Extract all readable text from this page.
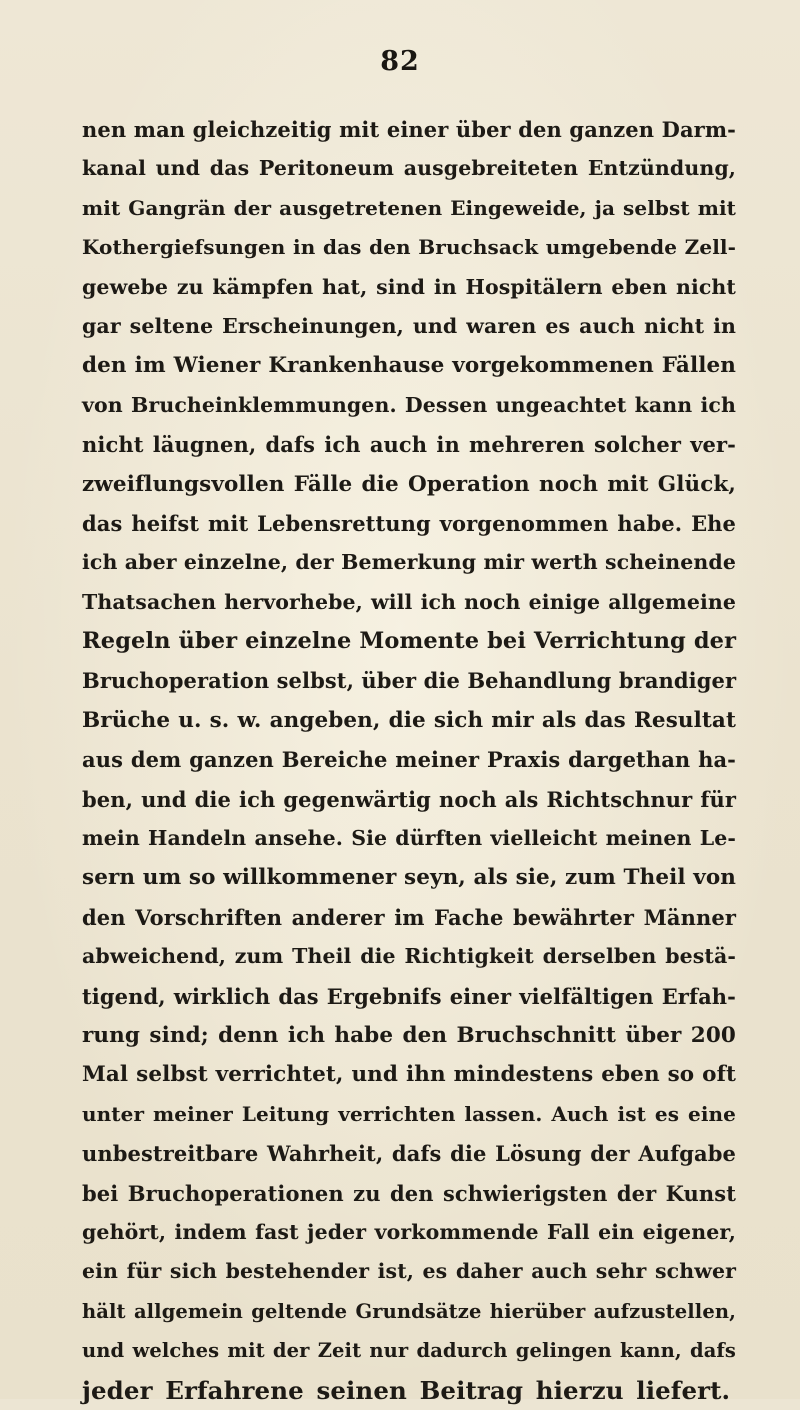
82
nen man gleichzeitig mit einer über den ganzen Darm-
kanal und das Peritoneum ausgebreiteten Entzündung,
mit Gangrän der ausgetretenen Eingeweide, ja selbst mit
Kothergiefsungen in das den Bruchsack umgebende Zell-
gewebe zu kämpfen hat, sind in Hospitälern eben nicht
gar seltene Erscheinungen, und waren es auch nicht in
den im Wiener Krankenhause vorgekommenen Fällen
von Brucheinklemmungen. Dessen ungeachtet kann ich
nicht läugnen, dafs ich auch in mehreren solcher ver-
zweiflungsvollen Fälle die Operation noch mit Glück,
das heifst mit Lebensrettung vorgenommen habe. Ehe
ich aber einzelne, der Bemerkung mir werth scheinende
Thatsachen hervorhebe, will ich noch einige allgemeine
Regeln über einzelne Momente bei Verrichtung der
Bruchoperation selbst, über die Behandlung brandiger
Brüche u. s. w. angeben, die sich mir als das Resultat
aus dem ganzen Bereiche meiner Praxis dargethan ha-
ben, und die ich gegenwärtig noch als Richtschnur für
mein Handeln ansehe. Sie dürften vielleicht meinen Le-
sern um so willkommener seyn, als sie, zum Theil von
den Vorschriften anderer im Fache bewährter Männer
abweichend, zum Theil die Richtigkeit derselben bestä-
tigend, wirklich das Ergebnifs einer vielfältigen Erfah-
rung sind; denn ich habe den Bruchschnitt über 200
Mal selbst verrichtet, und ihn mindestens eben so oft
unter meiner Leitung verrichten lassen. Auch ist es eine
unbestreitbare Wahrheit, dafs die Lösung der Aufgabe
bei Bruchoperationen zu den schwierigsten der Kunst
gehört, indem fast jeder vorkommende Fall ein eigener,
ein für sich bestehender ist, es daher auch sehr schwer
hält allgemein geltende Grundsätze hierüber aufzustellen,
und welches mit der Zeit nur dadurch gelingen kann, dafs
jeder Erfahrene seinen Beitrag hierzu liefert.
